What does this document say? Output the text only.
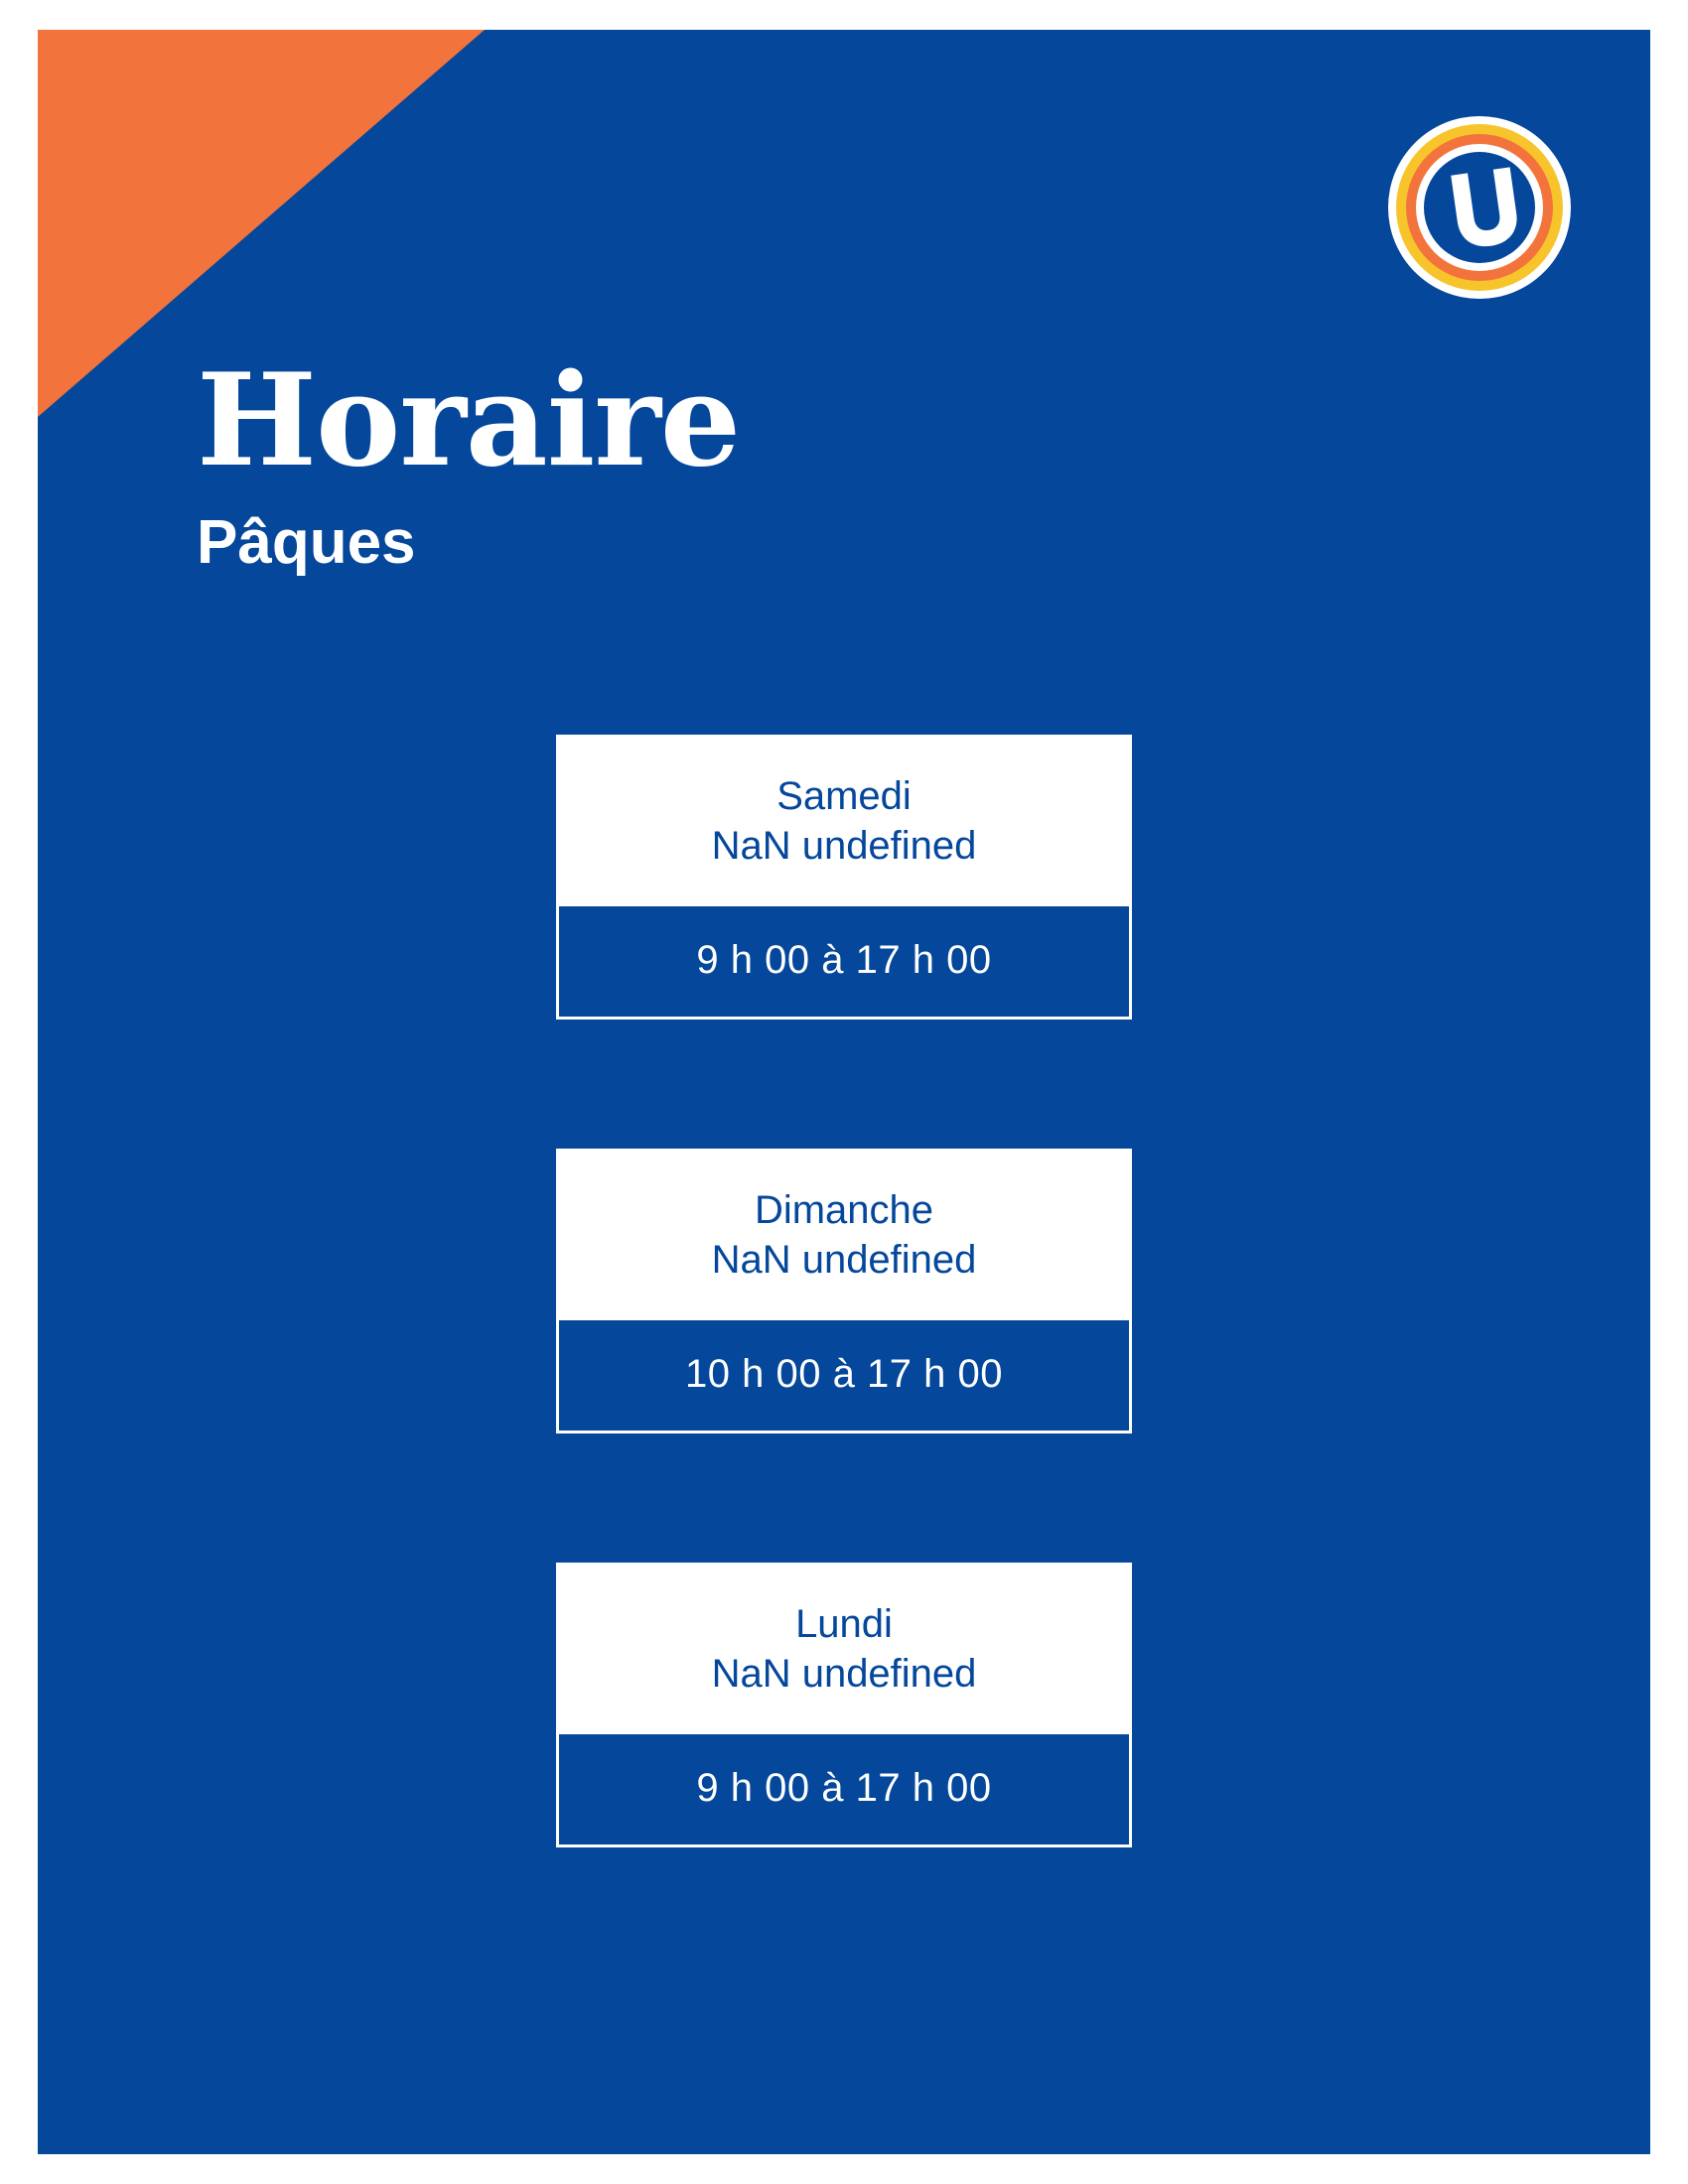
Horaire
Pâques
Samedi
NaN undefined
9 h 00 à 17 h 00
Dimanche
NaN undefined
10 h 00 à 17 h 00
Lundi
NaN undefined
9 h 00 à 17 h 00
